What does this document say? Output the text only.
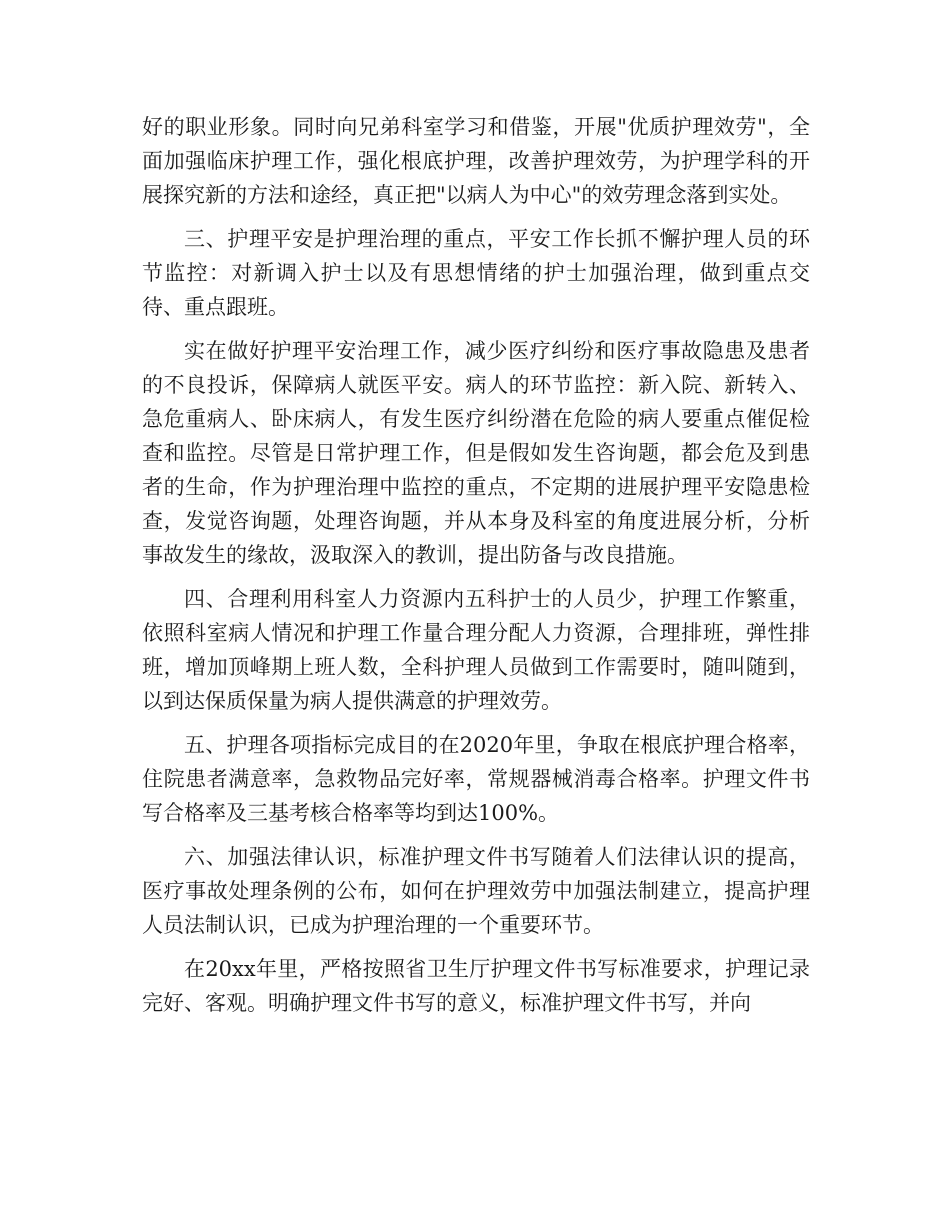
好的职业形象。同时向兄弟科室学习和借鉴，开展"优质护理效劳"，全面加强临床护理工作，强化根底护理，改善护理效劳，为护理学科的开展探究新的方法和途经，真正把"以病人为中心"的效劳理念落到实处。

三、护理平安是护理治理的重点，平安工作长抓不懈护理人员的环节监控：对新调入护士以及有思想情绪的护士加强治理，做到重点交待、重点跟班。

实在做好护理平安治理工作，减少医疗纠纷和医疗事故隐患及患者的不良投诉，保障病人就医平安。病人的环节监控：新入院、新转入、急危重病人、卧床病人，有发生医疗纠纷潜在危险的病人要重点催促检查和监控。尽管是日常护理工作，但是假如发生咨询题，都会危及到患者的生命，作为护理治理中监控的重点，不定期的进展护理平安隐患检查，发觉咨询题，处理咨询题，并从本身及科室的角度进展分析，分析事故发生的缘故，汲取深入的教训，提出防备与改良措施。

四、合理利用科室人力资源内五科护士的人员少，护理工作繁重，依照科室病人情况和护理工作量合理分配人力资源，合理排班，弹性排班，增加顶峰期上班人数，全科护理人员做到工作需要时，随叫随到，以到达保质保量为病人提供满意的护理效劳。

五、护理各项指标完成目的在2020年里，争取在根底护理合格率，住院患者满意率，急救物品完好率，常规器械消毒合格率。护理文件书写合格率及三基考核合格率等均到达100%。

六、加强法律认识，标准护理文件书写随着人们法律认识的提高，医疗事故处理条例的公布，如何在护理效劳中加强法制建立，提高护理人员法制认识，已成为护理治理的一个重要环节。

在20xx年里，严格按照省卫生厅护理文件书写标准要求，护理记录完好、客观。明确护理文件书写的意义，标准护理文件书写，并向
